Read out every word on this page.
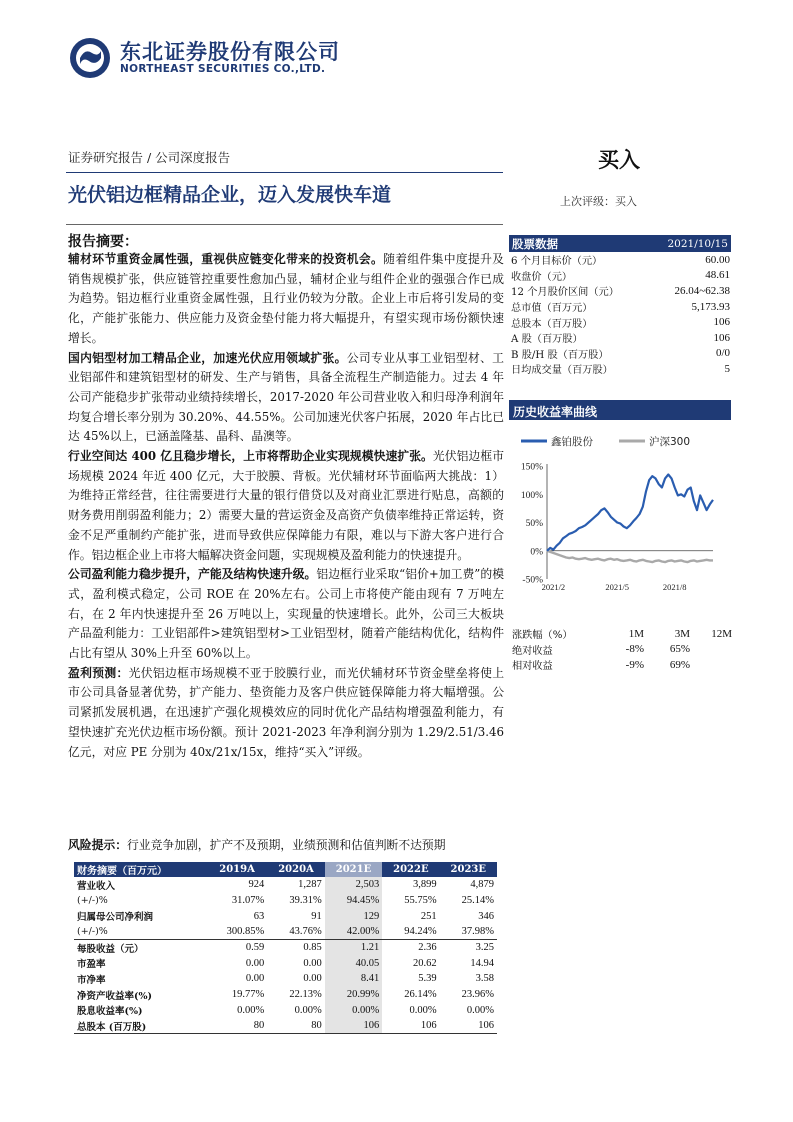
东北证券股份有限公司
NORTHEAST SECURITIES CO.,LTD.
证券研究报告 / 公司深度报告	买入
光伏铝边框精品企业，迈入发展快车道	上次评级：买入
报告摘要：

辅材环节重资金属性强，重视供应链变化带来的投资机会。随着组件集中度提升及销售规模扩张，供应链管控重要性愈加凸显，辅材企业与组件企业的强强合作已成为趋势。铝边框行业重资金属性强，且行业仍较为分散。企业上市后将引发局的变化，产能扩张能力、供应能力及资金垫付能力将大幅提升，有望实现市场份额快速增长。

国内铝型材加工精品企业，加速光伏应用领域扩张。公司专业从事工业铝型材、工业铝部件和建筑铝型材的研发、生产与销售，具备全流程生产制造能力。过去 4 年公司产能稳步扩张带动业绩持续增长，2017-2020 年公司营业收入和归母净利润年均复合增长率分别为 30.20%、44.55%。公司加速光伏客户拓展，2020 年占比已达 45%以上，已涵盖隆基、晶科、晶澳等。

行业空间达 400 亿且稳步增长，上市将帮助企业实现规模快速扩张。光伏铝边框市场规模 2024 年近 400 亿元，大于胶膜、背板。光伏辅材环节面临两大挑战：1）为维持正常经营，往往需要进行大量的银行借贷以及对商业汇票进行贴息，高额的财务费用削弱盈利能力；2）需要大量的营运资金及高资产负债率维持正常运转，资金不足严重制约产能扩张，进而导致供应保障能力有限，难以与下游大客户进行合作。铝边框企业上市将大幅解决资金问题，实现规模及盈利能力的快速提升。

公司盈利能力稳步提升，产能及结构快速升级。铝边框行业采取“铝价+加工费”的模式，盈利模式稳定，公司 ROE 在 20%左右。公司上市将使产能由现有 7 万吨左右，在 2 年内快速提升至 26 万吨以上，实现量的快速增长。此外，公司三大板块产品盈利能力：工业铝部件>建筑铝型材>工业铝型材，随着产能结构优化，结构件占比有望从 30%上升至 60%以上。

盈利预测：光伏铝边框市场规模不亚于胶膜行业，而光伏辅材环节资金壁垒将使上市公司具备显著优势，扩产能力、垫资能力及客户供应链保障能力将大幅增强。公司紧抓发展机遇，在迅速扩产强化规模效应的同时优化产品结构增强盈利能力，有望快速扩充光伏边框市场份额。预计 2021-2023 年净利润分别为 1.29/2.51/3.46 亿元，对应 PE 分别为 40x/21x/15x，维持“买入”评级。

风险提示：行业竞争加剧，扩产不及预期，业绩预测和估值判断不达预期
股票数据	2021/10/15
6 个月目标价（元）	60.00
收盘价（元）	48.61
12 个月股价区间（元）	26.04~62.38
总市值（百万元）	5,173.93
总股本（百万股）	106
A 股（百万股）	106
B 股/H 股（百万股）	0/0
日均成交量（百万股）	5
历史收益率曲线
鑫铂股份	沪深300
150%
100%
50%
0%
-50%
2021/2	2021/5	2021/8
涨跌幅（%）	1M	3M	12M
绝对收益	-8%	65%
相对收益	-9%	69%
财务摘要（百万元）	2019A	2020A	2021E	2022E	2023E
营业收入	924	1,287	2,503	3,899	4,879
(+/-)%	31.07%	39.31%	94.45%	55.75%	25.14%
归属母公司净利润	63	91	129	251	346
(+/-)%	300.85%	43.76%	42.00%	94.24%	37.98%
每股收益（元）	0.59	0.85	1.21	2.36	3.25
市盈率	0.00	0.00	40.05	20.62	14.94
市净率	0.00	0.00	8.41	5.39	3.58
净资产收益率(%)	19.77%	22.13%	20.99%	26.14%	23.96%
股息收益率(%)	0.00%	0.00%	0.00%	0.00%	0.00%
总股本 (百万股)	80	80	106	106	106
